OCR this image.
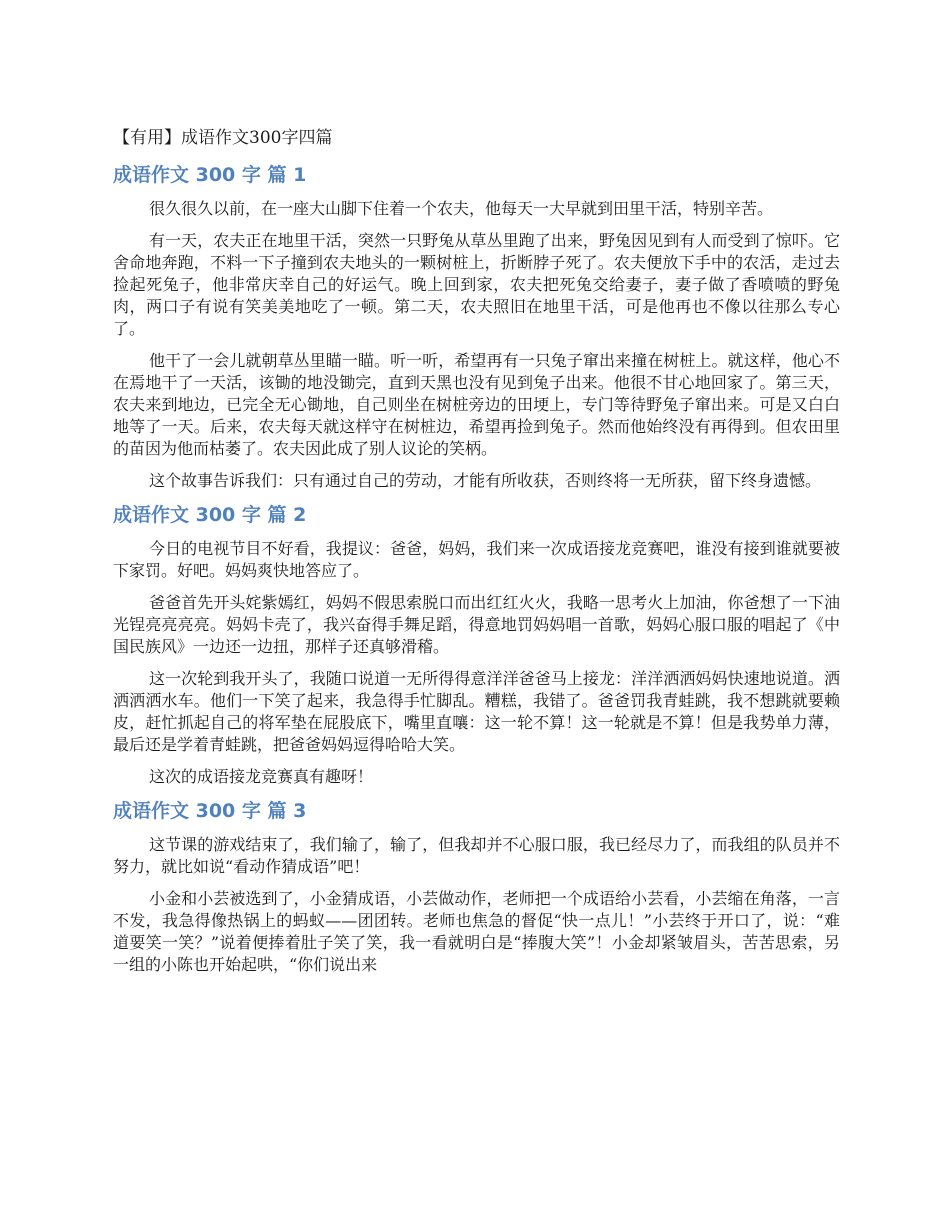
【有用】成语作文300字四篇
成语作文 300 字 篇 1

很久很久以前，在一座大山脚下住着一个农夫，他每天一大早就到田里干活，特别辛苦。

有一天，农夫正在地里干活，突然一只野兔从草丛里跑了出来，野兔因见到有人而受到了惊吓。它舍命地奔跑，不料一下子撞到农夫地头的一颗树桩上，折断脖子死了。农夫便放下手中的农活，走过去捡起死兔子，他非常庆幸自己的好运气。晚上回到家，农夫把死兔交给妻子，妻子做了香喷喷的野兔肉，两口子有说有笑美美地吃了一顿。第二天，农夫照旧在地里干活，可是他再也不像以往那么专心了。

他干了一会儿就朝草丛里瞄一瞄。听一听，希望再有一只兔子窜出来撞在树桩上。就这样，他心不在焉地干了一天活，该锄的地没锄完，直到天黑也没有见到兔子出来。他很不甘心地回家了。第三天，农夫来到地边，已完全无心锄地，自己则坐在树桩旁边的田埂上，专门等待野兔子窜出来。可是又白白地等了一天。后来，农夫每天就这样守在树桩边，希望再捡到兔子。然而他始终没有再得到。但农田里的苗因为他而枯萎了。农夫因此成了别人议论的笑柄。

这个故事告诉我们：只有通过自己的劳动，才能有所收获，否则终将一无所获，留下终身遗憾。

成语作文 300 字 篇 2

今日的电视节目不好看，我提议：爸爸，妈妈，我们来一次成语接龙竞赛吧，谁没有接到谁就要被下家罚。好吧。妈妈爽快地答应了。

爸爸首先开头姹紫嫣红，妈妈不假思索脱口而出红红火火，我略一思考火上加油，你爸想了一下油光锃亮亮亮亮。妈妈卡壳了，我兴奋得手舞足蹈，得意地罚妈妈唱一首歌，妈妈心服口服的唱起了《中国民族风》一边还一边扭，那样子还真够滑稽。

这一次轮到我开头了，我随口说道一无所得得意洋洋爸爸马上接龙：洋洋洒洒妈妈快速地说道。洒洒洒洒水车。他们一下笑了起来，我急得手忙脚乱。糟糕，我错了。爸爸罚我青蛙跳，我不想跳就要赖皮，赶忙抓起自己的将军垫在屁股底下，嘴里直嚷：这一轮不算！这一轮就是不算！但是我势单力薄，最后还是学着青蛙跳，把爸爸妈妈逗得哈哈大笑。

这次的成语接龙竞赛真有趣呀！

成语作文 300 字 篇 3

这节课的游戏结束了，我们输了，输了，但我却并不心服口服，我已经尽力了，而我组的队员并不努力，就比如说“看动作猜成语”吧！

小金和小芸被选到了，小金猜成语，小芸做动作，老师把一个成语给小芸看，小芸缩在角落，一言不发，我急得像热锅上的蚂蚁——团团转。老师也焦急的督促“快一点儿！”小芸终于开口了，说：“难道要笑一笑？”说着便捧着肚子笑了笑，我一看就明白是“捧腹大笑”！小金却紧皱眉头，苦苦思索，另一组的小陈也开始起哄，“你们说出来
